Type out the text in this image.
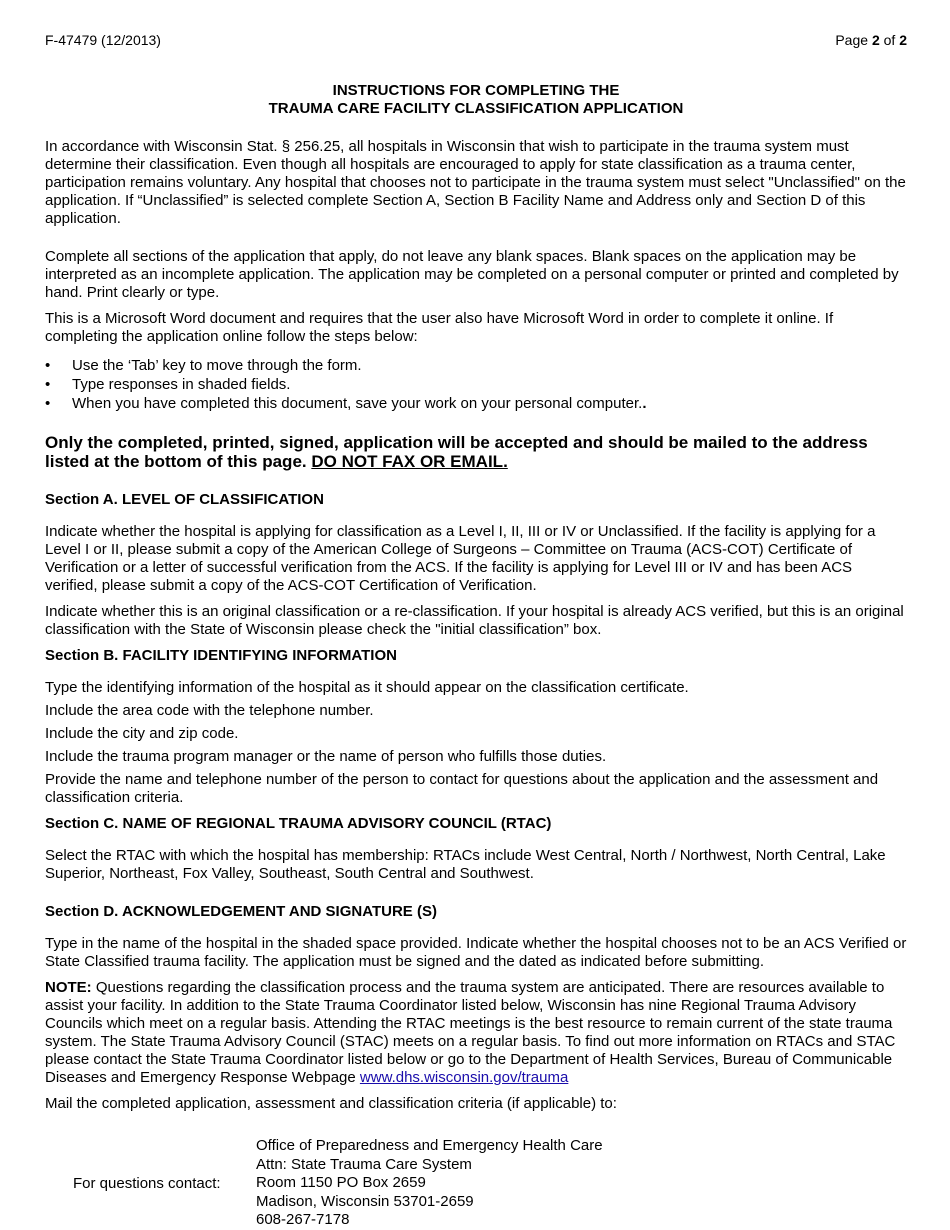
F-47479 (12/2013)	Page 2 of 2
INSTRUCTIONS FOR COMPLETING THE
TRAUMA CARE FACILITY CLASSIFICATION APPLICATION

In accordance with Wisconsin Stat. § 256.25, all hospitals in Wisconsin that wish to participate in the trauma system must determine their classification. Even though all hospitals are encouraged to apply for state classification as a trauma center, participation remains voluntary. Any hospital that chooses not to participate in the trauma system must select "Unclassified" on the application. If “Unclassified” is selected complete Section A, Section B Facility Name and Address only and Section D of this application.

Complete all sections of the application that apply, do not leave any blank spaces. Blank spaces on the application may be interpreted as an incomplete application. The application may be completed on a personal computer or printed and completed by hand. Print clearly or type.

This is a Microsoft Word document and requires that the user also have Microsoft Word in order to complete it online. If completing the application online follow the steps below:

• Use the ‘Tab’ key to move through the form.
• Type responses in shaded fields.
• When you have completed this document, save your work on your personal computer..

Only the completed, printed, signed, application will be accepted and should be mailed to the address listed at the bottom of this page. DO NOT FAX OR EMAIL.

Section A. LEVEL OF CLASSIFICATION

Indicate whether the hospital is applying for classification as a Level I, II, III or IV or Unclassified. If the facility is applying for a Level I or II, please submit a copy of the American College of Surgeons – Committee on Trauma (ACS-COT) Certificate of Verification or a letter of successful verification from the ACS. If the facility is applying for Level III or IV and has been ACS verified, please submit a copy of the ACS-COT Certification of Verification.

Indicate whether this is an original classification or a re-classification. If your hospital is already ACS verified, but this is an original classification with the State of Wisconsin please check the "initial classification” box.

Section B. FACILITY IDENTIFYING INFORMATION

Type the identifying information of the hospital as it should appear on the classification certificate.

Include the area code with the telephone number.

Include the city and zip code.

Include the trauma program manager or the name of person who fulfills those duties.

Provide the name and telephone number of the person to contact for questions about the application and the assessment and classification criteria.

Section C. NAME OF REGIONAL TRAUMA ADVISORY COUNCIL (RTAC)

Select the RTAC with which the hospital has membership: RTACs include West Central, North / Northwest, North Central, Lake Superior, Northeast, Fox Valley, Southeast, South Central and Southwest.

Section D. ACKNOWLEDGEMENT AND SIGNATURE (S)

Type in the name of the hospital in the shaded space provided. Indicate whether the hospital chooses not to be an ACS Verified or State Classified trauma facility. The application must be signed and the dated as indicated before submitting.

NOTE: Questions regarding the classification process and the trauma system are anticipated. There are resources available to assist your facility. In addition to the State Trauma Coordinator listed below, Wisconsin has nine Regional Trauma Advisory Councils which meet on a regular basis. Attending the RTAC meetings is the best resource to remain current of the state trauma system. The State Trauma Advisory Council (STAC) meets on a regular basis. To find out more information on RTACs and STAC please contact the State Trauma Coordinator listed below or go to the Department of Health Services, Bureau of Communicable Diseases and Emergency Response Webpage www.dhs.wisconsin.gov/trauma

Mail the completed application, assessment and classification criteria (if applicable) to:

For questions contact:

Office of Preparedness and Emergency Health Care

Attn: State Trauma Care System

Room 1150 PO Box 2659

Madison, Wisconsin 53701-2659

608-267-7178
